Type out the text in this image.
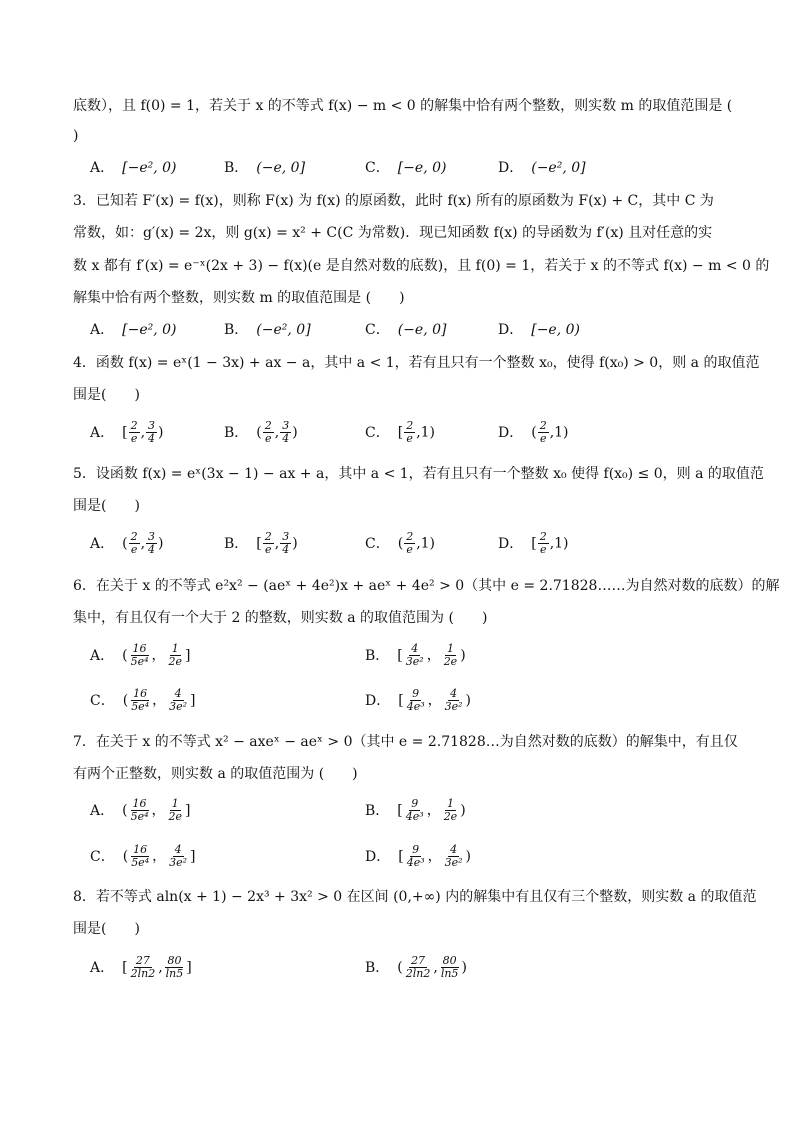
底数），且 f(0) = 1，若关于 x 的不等式 f(x) − m < 0 的解集中恰有两个整数，则实数 m 的取值范围是 (
)
A． [−e², 0)	B． (−e, 0]	C． [−e, 0)	D． (−e², 0]
3．已知若 F′(x) = f(x)，则称 F(x) 为 f(x) 的原函数，此时 f(x) 所有的原函数为 F(x) + C，其中 C 为
常数，如：g′(x) = 2x，则 g(x) = x² + C(C 为常数)．现已知函数 f(x) 的导函数为 f′(x) 且对任意的实
数 x 都有 f′(x) = e⁻ˣ(2x + 3) − f(x)(e 是自然对数的底数)，且 f(0) = 1，若关于 x 的不等式 f(x) − m < 0 的
解集中恰有两个整数，则实数 m 的取值范围是 (　　)
A． [−e², 0)	B． (−e², 0]	C． (−e, 0]	D． [−e, 0)
4．函数 f(x) = eˣ(1 − 3x) + ax − a，其中 a < 1，若有且只有一个整数 x₀，使得 f(x₀) > 0，则 a 的取值范
围是(　　)
A． [ $\frac{2}{e}$ , $\frac{3}{4}$ )	B． ( $\frac{2}{e}$ , $\frac{3}{4}$ )	C． [ $\frac{2}{e} ,1$)	D． ( $\frac{2}{e} ,1$)
5．设函数 f(x) = eˣ(3x − 1) − ax + a，其中 a < 1，若有且只有一个整数 x₀ 使得 f(x₀) ≤ 0，则 a 的取值范
围是(　　)
A． ( $\frac{2}{e}$ , $\frac{3}{4}$ )	B． [ $\frac{2}{e}$ , $\frac{3}{4}$ )	C． ( $\frac{2}{e} ,1$)	D． [ $\frac{2}{e} ,1$)
6．在关于 x 的不等式 e²x² − (aeˣ + 4e²)x + aeˣ + 4e² > 0（其中 e = 2.71828……为自然对数的底数）的解
集中，有且仅有一个大于 2 的整数，则实数 a 的取值范围为 (　　)
A． ( $\frac{16}{\text{5e⁴}}$ ， $\frac{1}{2e}$ ]	B． [ $\frac{4}{\text{3e²}}$ ， $\frac{1}{2e}$ )
C． ( $\frac{16}{\text{5e⁴}}$ ， $\frac{4}{\text{3e²}}$ ]	D． [ $\frac{9}{\text{4e³}}$ ， $\frac{4}{\text{3e²}}$ )
7．在关于 x 的不等式 x² − axeˣ − aeˣ > 0（其中 e = 2.71828…为自然对数的底数）的解集中，有且仅
有两个正整数，则实数 a 的取值范围为 (　　)
A． ( $\frac{16}{\text{5e⁴}}$ ， $\frac{1}{2e}$ ]	B． [ $\frac{9}{\text{4e³}}$ ， $\frac{1}{2e}$ )
C． ( $\frac{16}{\text{5e⁴}}$ ， $\frac{4}{\text{3e²}}$ ]	D． [ $\frac{9}{\text{4e³}}$ ， $\frac{4}{\text{3e²}}$ )
8．若不等式 aln(x + 1) − 2x³ + 3x² > 0 在区间 (0,+∞) 内的解集中有且仅有三个整数，则实数 a 的取值范
围是(　　)
A． [ $\frac{27}{2\ln 2}$ , $\frac{80}{\ln 5}$ ]	B． ( $\frac{27}{2\ln 2}$ , $\frac{80}{\ln 5}$ )
